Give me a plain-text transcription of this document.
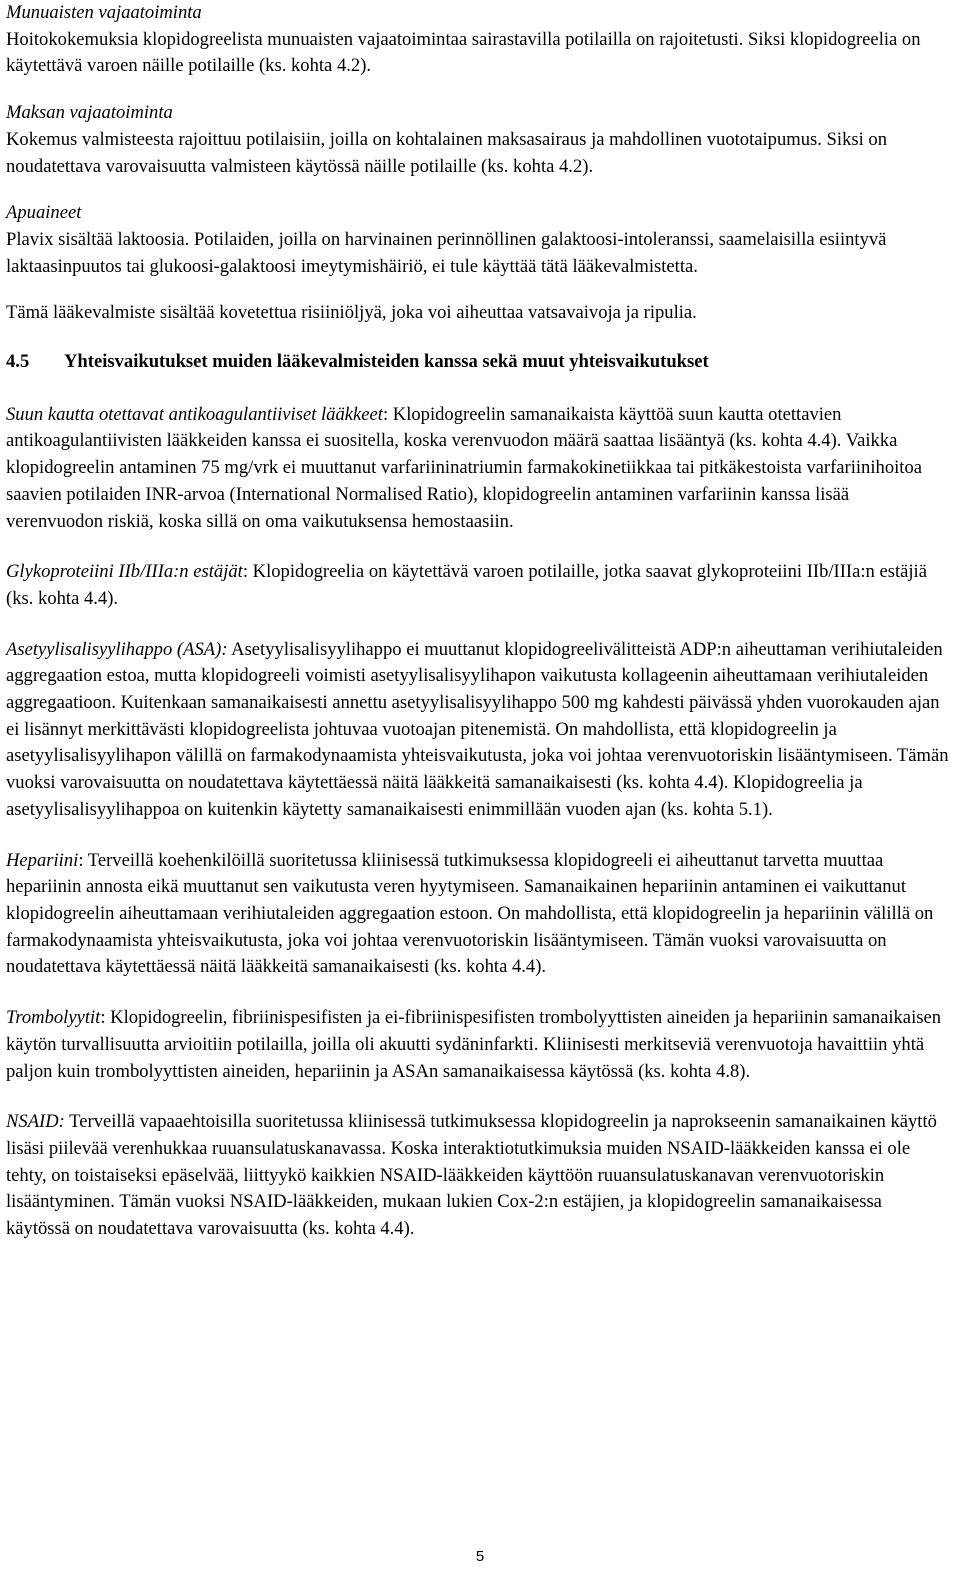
Munuaisten vajaatoiminta

Hoitokokemuksia klopidogreelista munuaisten vajaatoimintaa sairastavilla potilailla on rajoitetusti. Siksi klopidogreelia on käytettävä varoen näille potilaille (ks. kohta 4.2).

Maksan vajaatoiminta

Kokemus valmisteesta rajoittuu potilaisiin, joilla on kohtalainen maksasairaus ja mahdollinen vuototaipumus. Siksi on noudatettava varovaisuutta valmisteen käytössä näille potilaille (ks. kohta 4.2).

Apuaineet

Plavix sisältää laktoosia. Potilaiden, joilla on harvinainen perinnöllinen galaktoosi-intoleranssi, saamelaisilla esiintyvä laktaasinpuutos tai glukoosi-galaktoosi imeytymishäiriö, ei tule käyttää tätä lääkevalmistetta.

Tämä lääkevalmiste sisältää kovetettua risiiniöljyä, joka voi aiheuttaa vatsavaivoja ja ripulia.

4.5 Yhteisvaikutukset muiden lääkevalmisteiden kanssa sekä muut yhteisvaikutukset

Suun kautta otettavat antikoagulantiiviset lääkkeet: Klopidogreelin samanaikaista käyttöä suun kautta otettavien antikoagulantiivisten lääkkeiden kanssa ei suositella, koska verenvuodon määrä saattaa lisääntyä (ks. kohta 4.4). Vaikka klopidogreelin antaminen 75 mg/vrk ei muuttanut varfariininatriumin farmakokinetiikkaa tai pitkäkestoista varfariinihoitoa saavien potilaiden INR-arvoa (International Normalised Ratio), klopidogreelin antaminen varfariinin kanssa lisää verenvuodon riskiä, koska sillä on oma vaikutuksensa hemostaasiin.

Glykoproteiini IIb/IIIa:n estäjät: Klopidogreelia on käytettävä varoen potilaille, jotka saavat glykoproteiini IIb/IIIa:n estäjiä (ks. kohta 4.4).

Asetyylisalisyylihappo (ASA): Asetyylisalisyylihappo ei muuttanut klopidogreelivälitteistä ADP:n aiheuttaman verihiutaleiden aggregaation estoa, mutta klopidogreeli voimisti asetyylisalisyylihapon vaikutusta kollageenin aiheuttamaan verihiutaleiden aggregaatioon. Kuitenkaan samanaikaisesti annettu asetyylisalisyylihappo 500 mg kahdesti päivässä yhden vuorokauden ajan ei lisännyt merkittävästi klopidogreelista johtuvaa vuotoajan pitenemistä. On mahdollista, että klopidogreelin ja asetyylisalisyylihapon välillä on farmakodynaamista yhteisvaikutusta, joka voi johtaa verenvuotoriskin lisääntymiseen. Tämän vuoksi varovaisuutta on noudatettava käytettäessä näitä lääkkeitä samanaikaisesti (ks. kohta 4.4). Klopidogreelia ja asetyylisalisyylihappoa on kuitenkin käytetty samanaikaisesti enimmillään vuoden ajan (ks. kohta 5.1).

Hepariini: Terveillä koehenkilöillä suoritetussa kliinisessä tutkimuksessa klopidogreeli ei aiheuttanut tarvetta muuttaa hepariinin annosta eikä muuttanut sen vaikutusta veren hyytymiseen. Samanaikainen hepariinin antaminen ei vaikuttanut klopidogreelin aiheuttamaan verihiutaleiden aggregaation estoon. On mahdollista, että klopidogreelin ja hepariinin välillä on farmakodynaamista yhteisvaikutusta, joka voi johtaa verenvuotoriskin lisääntymiseen. Tämän vuoksi varovaisuutta on noudatettava käytettäessä näitä lääkkeitä samanaikaisesti (ks. kohta 4.4).

Trombolyytit: Klopidogreelin, fibriinispesifisten ja ei-fibriinispesifisten trombolyyttisten aineiden ja hepariinin samanaikaisen käytön turvallisuutta arvioitiin potilailla, joilla oli akuutti sydäninfarkti. Kliinisesti merkitseviä verenvuotoja havaittiin yhtä paljon kuin trombolyyttisten aineiden, hepariinin ja ASAn samanaikaisessa käytössä (ks. kohta 4.8).

NSAID: Terveillä vapaaehtoisilla suoritetussa kliinisessä tutkimuksessa klopidogreelin ja naprokseenin samanaikainen käyttö lisäsi piilevää verenhukkaa ruuansulatuskanavassa. Koska interaktiotutkimuksia muiden NSAID-lääkkeiden kanssa ei ole tehty, on toistaiseksi epäselvää, liittyykö kaikkien NSAID-lääkkeiden käyttöön ruuansulatuskanavan verenvuotoriskin lisääntyminen. Tämän vuoksi NSAID-lääkkeiden, mukaan lukien Cox-2:n estäjien, ja klopidogreelin samanaikaisessa käytössä on noudatettava varovaisuutta (ks. kohta 4.4).

5
